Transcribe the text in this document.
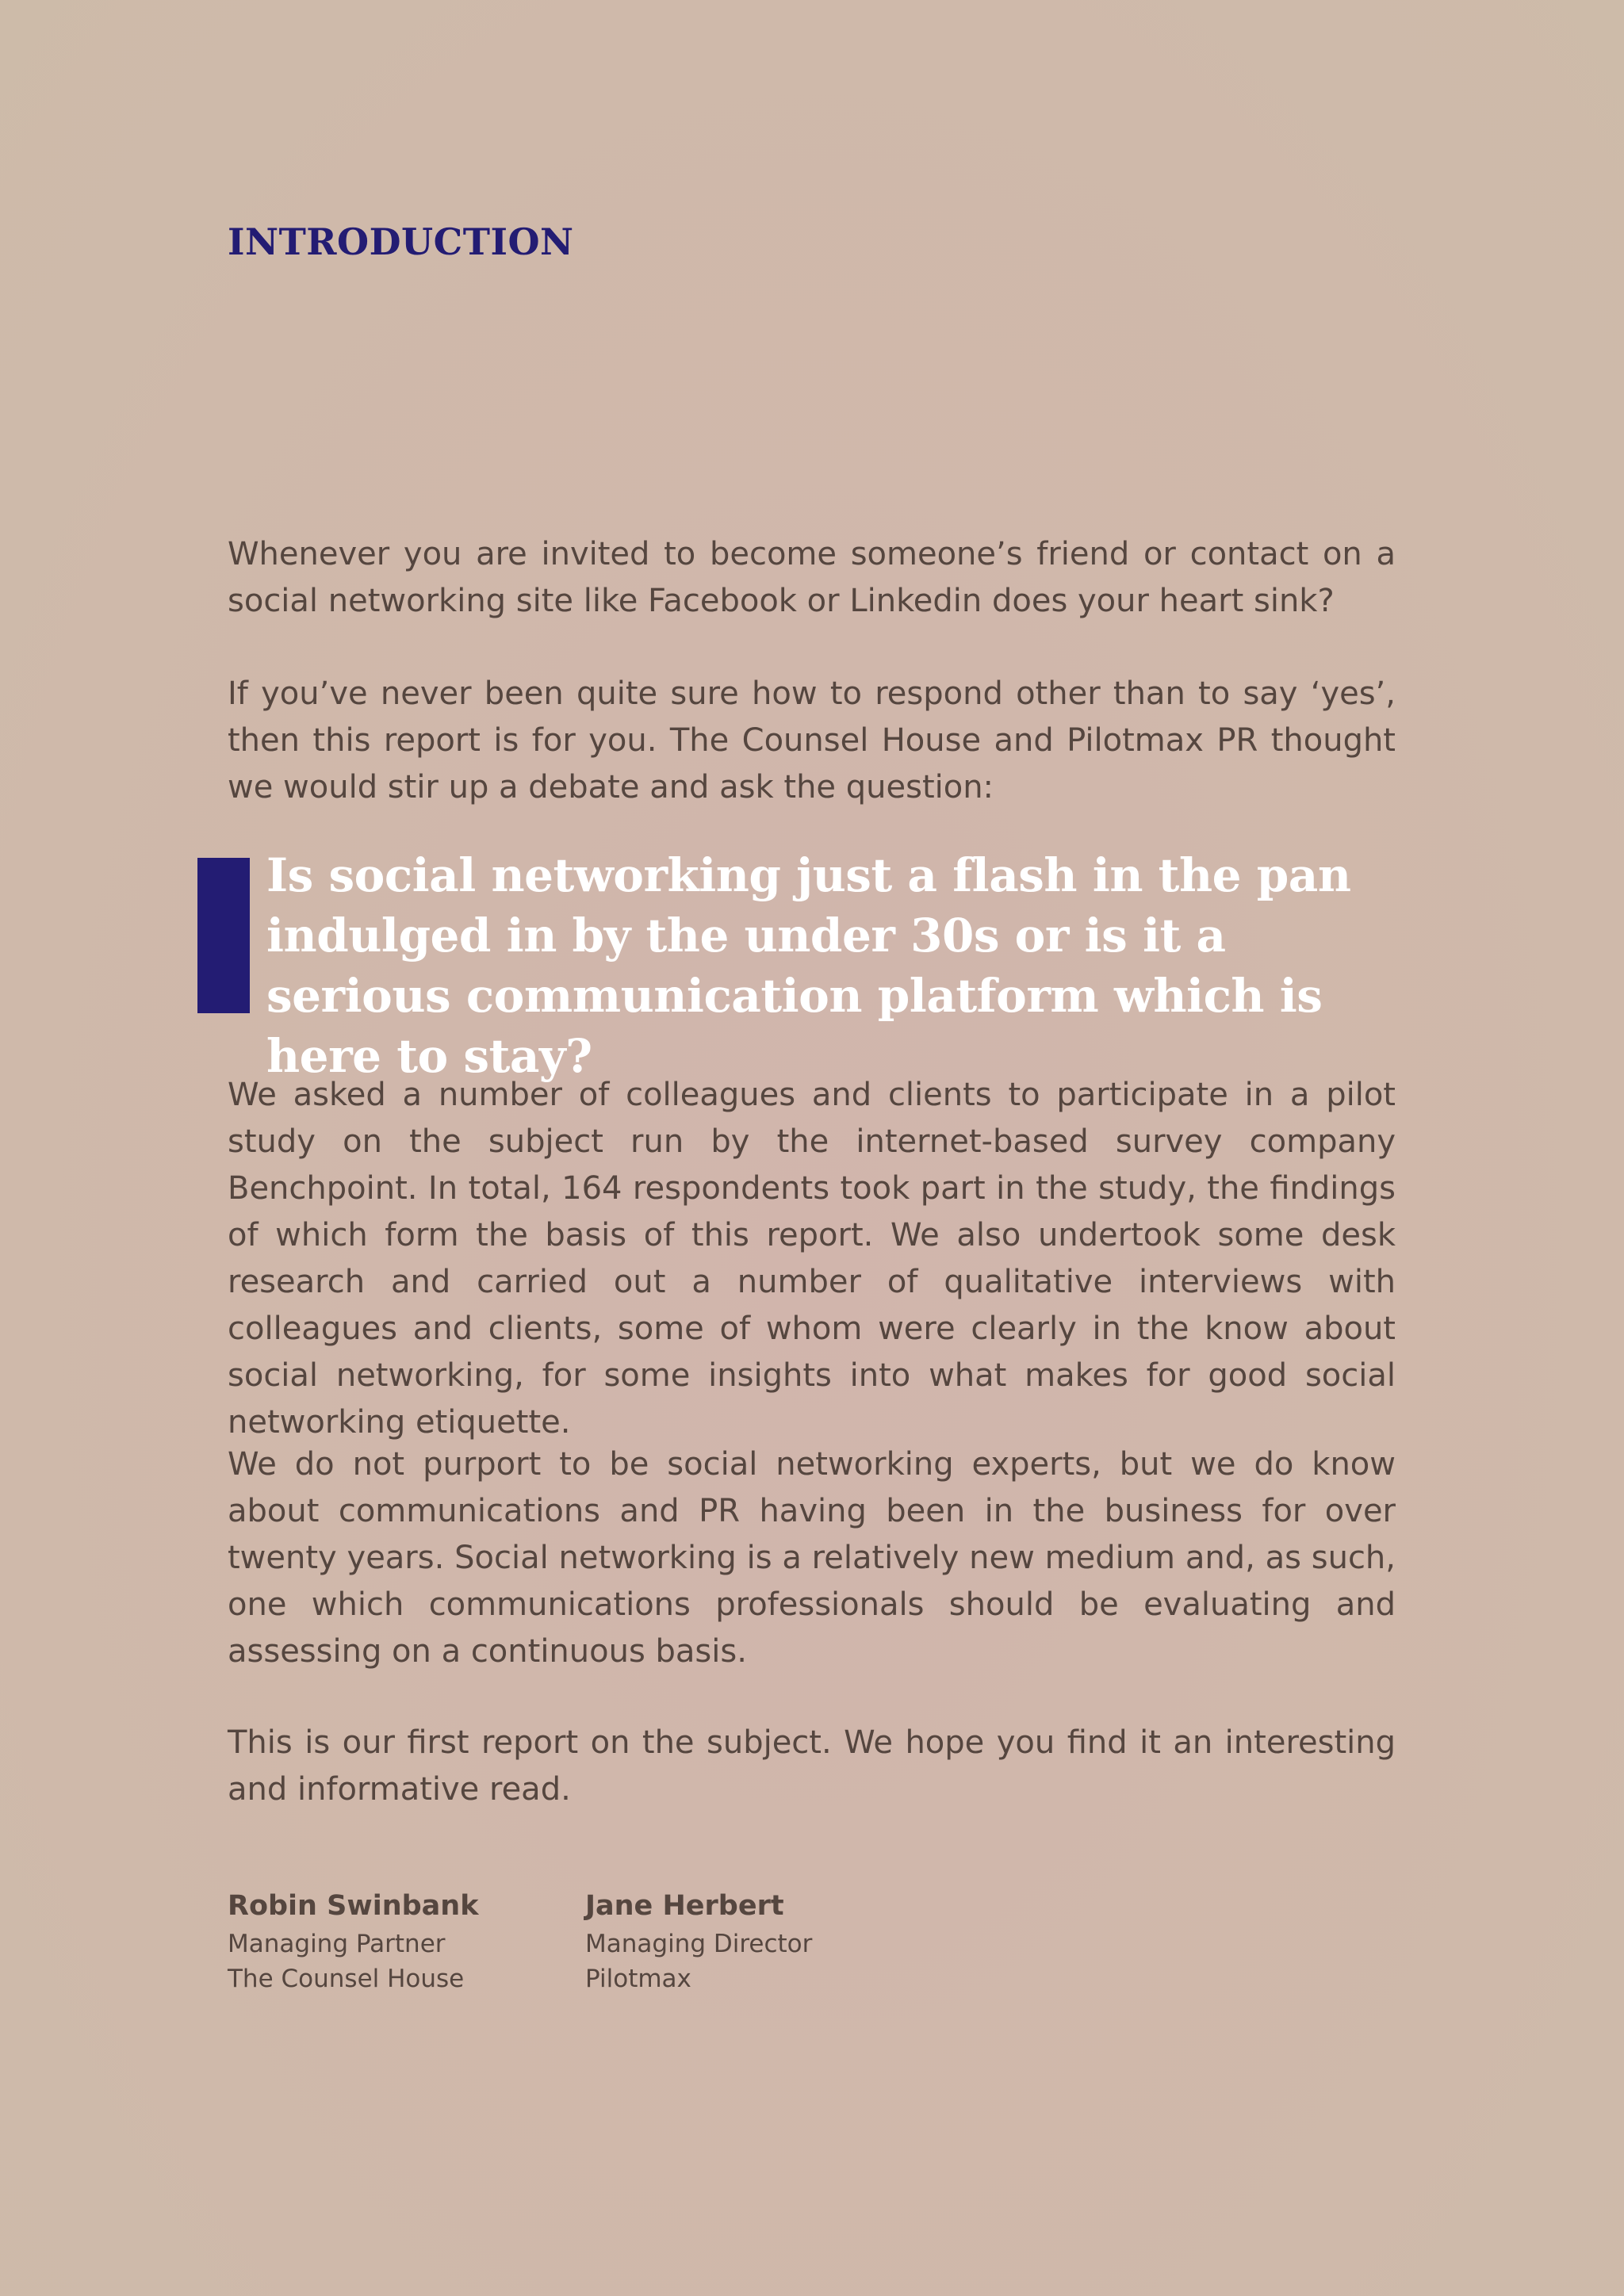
INTRODUCTION

Whenever you are invited to become someone’s friend or contact on a social networking site like Facebook or Linkedin does your heart sink?

If you’ve never been quite sure how to respond other than to say ‘yes’, then this report is for you. The Counsel House and Pilotmax PR thought we would stir up a debate and ask the question:

Is social networking just a flash in the pan indulged in by the under 30s or is it a serious communication platform which is here to stay?

We asked a number of colleagues and clients to participate in a pilot study on the subject run by the internet-based survey company Benchpoint. In total, 164 respondents took part in the study, the findings of which form the basis of this report. We also undertook some desk research and carried out a number of qualitative interviews with colleagues and clients, some of whom were clearly in the know about social networking, for some insights into what makes for good social networking etiquette.

We do not purport to be social networking experts, but we do know about communications and PR having been in the business for over twenty years. Social networking is a relatively new medium and, as such, one which communications professionals should be evaluating and assessing on a continuous basis.

This is our first report on the subject. We hope you find it an interesting and informative read.

Robin Swinbank
Managing Partner
The Counsel House
Jane Herbert
Managing Director
Pilotmax
